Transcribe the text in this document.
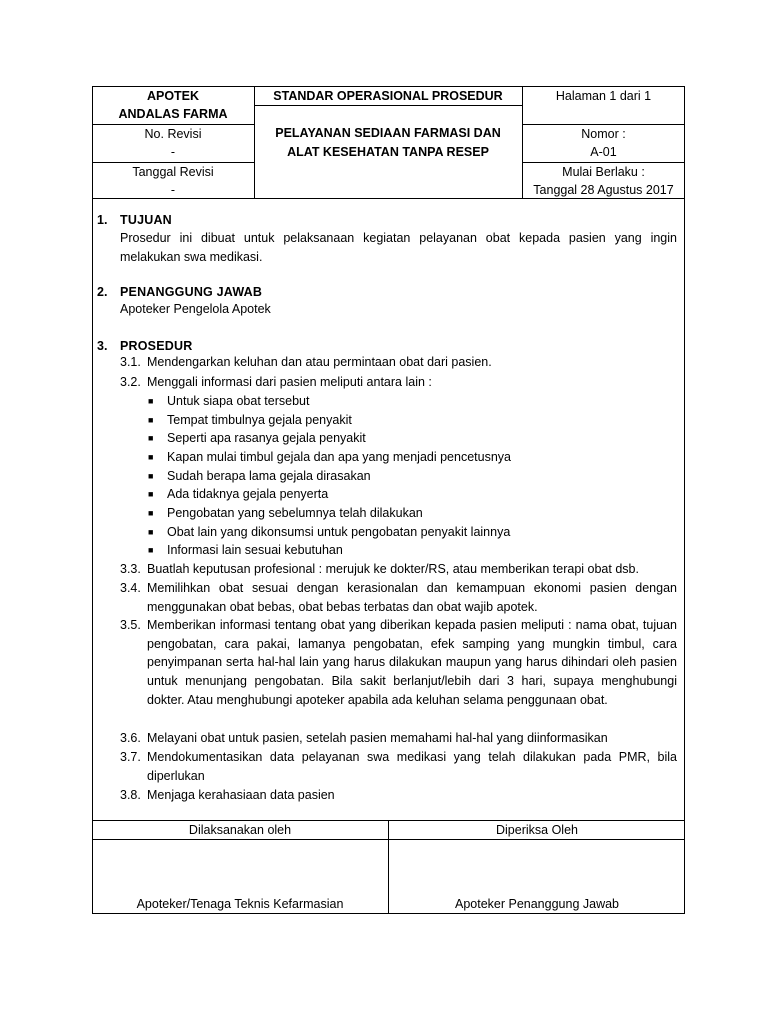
APOTEK
ANDALAS FARMA
No. Revisi
-
Tanggal Revisi
-
STANDAR OPERASIONAL PROSEDUR
PELAYANAN SEDIAAN FARMASI DAN
ALAT KESEHATAN TANPA RESEP
Halaman 1 dari 1
Nomor :
A-01
Mulai Berlaku :
Tanggal 28 Agustus 2017
1. TUJUAN
Prosedur ini dibuat untuk pelaksanaan kegiatan pelayanan obat kepada pasien yang ingin melakukan swa medikasi.
2. PENANGGUNG JAWAB
Apoteker Pengelola Apotek
3. PROSEDUR
3.1. Mendengarkan keluhan dan atau permintaan obat dari pasien.
3.2. Menggali informasi dari pasien meliputi antara lain :
■ Untuk siapa obat tersebut
■ Tempat timbulnya gejala penyakit
■ Seperti apa rasanya gejala penyakit
■ Kapan mulai timbul gejala dan apa yang menjadi pencetusnya
■ Sudah berapa lama gejala dirasakan
■ Ada tidaknya gejala penyerta
■ Pengobatan yang sebelumnya telah dilakukan
■ Obat lain yang dikonsumsi untuk pengobatan penyakit lainnya
■ Informasi lain sesuai kebutuhan
3.3. Buatlah keputusan profesional : merujuk ke dokter/RS, atau memberikan terapi obat dsb.
3.4. Memilihkan obat sesuai dengan kerasionalan dan kemampuan ekonomi pasien dengan menggunakan obat bebas, obat bebas terbatas dan obat wajib apotek.
3.5. Memberikan informasi tentang obat yang diberikan kepada pasien meliputi : nama obat, tujuan pengobatan, cara pakai, lamanya pengobatan, efek samping yang mungkin timbul, cara penyimpanan serta hal-hal lain yang harus dilakukan maupun yang harus dihindari oleh pasien untuk menunjang pengobatan. Bila sakit berlanjut/lebih dari 3 hari, supaya menghubungi dokter. Atau menghubungi apoteker apabila ada keluhan selama penggunaan obat.
3.6. Melayani obat untuk pasien, setelah pasien memahami hal-hal yang diinformasikan
3.7. Mendokumentasikan data pelayanan swa medikasi yang telah dilakukan pada PMR, bila diperlukan
3.8. Menjaga kerahasiaan data pasien
Dilaksanakan oleh
Apoteker/Tenaga Teknis Kefarmasian
Diperiksa Oleh
Apoteker Penanggung Jawab
